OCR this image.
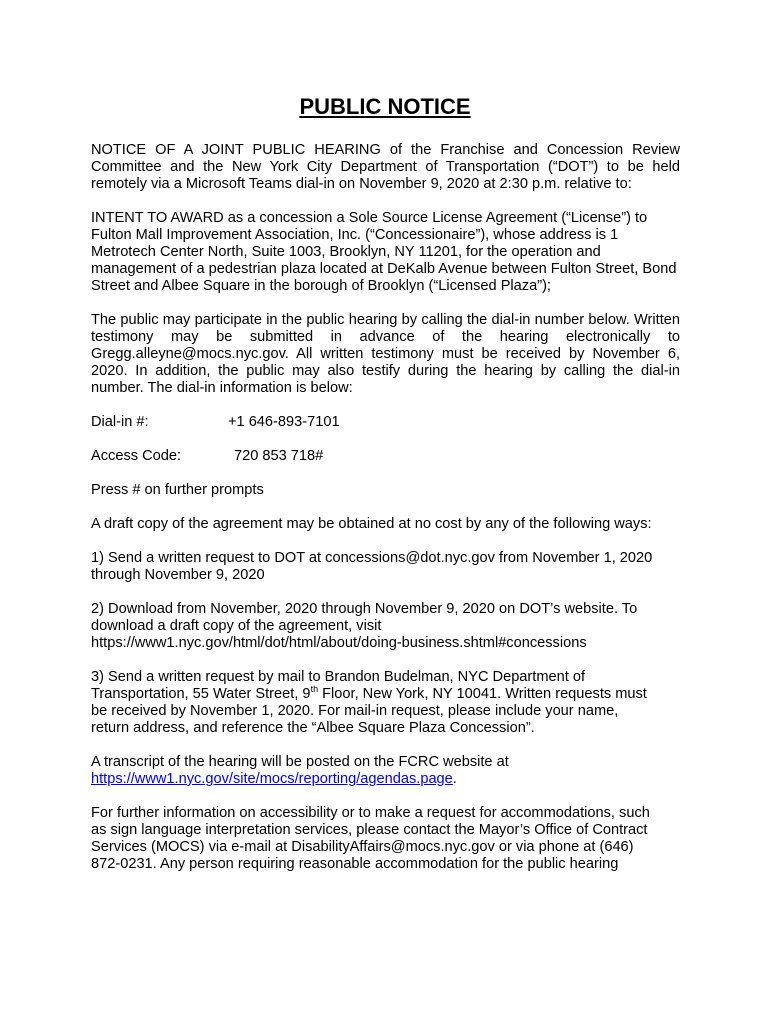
PUBLIC NOTICE

NOTICE OF A JOINT PUBLIC HEARING of the Franchise and Concession Review Committee and the New York City Department of Transportation (“DOT”) to be held remotely via a Microsoft Teams dial-in on November 9, 2020 at 2:30 p.m. relative to:

INTENT TO AWARD as a concession a Sole Source License Agreement (“License”) to Fulton Mall Improvement Association, Inc. (“Concessionaire”), whose address is 1 Metrotech Center North, Suite 1003, Brooklyn, NY 11201, for the operation and management of a pedestrian plaza located at DeKalb Avenue between Fulton Street, Bond Street and Albee Square in the borough of Brooklyn (“Licensed Plaza”);

The public may participate in the public hearing by calling the dial-in number below. Written testimony may be submitted in advance of the hearing electronically to Gregg.alleyne@mocs.nyc.gov. All written testimony must be received by November 6, 2020. In addition, the public may also testify during the hearing by calling the dial-in number. The dial-in information is below:

Dial-in #:	+1 646-893-7101
Access Code:	720 853 718#

Press # on further prompts

A draft copy of the agreement may be obtained at no cost by any of the following ways:

1) Send a written request to DOT at concessions@dot.nyc.gov from November 1, 2020 through November 9, 2020

2) Download from November, 2020 through November 9, 2020 on DOT’s website. To
download a draft copy of the agreement, visit
https://www1.nyc.gov/html/dot/html/about/doing-business.shtml#concessions

3) Send a written request by mail to Brandon Budelman, NYC Department of
Transportation, 55 Water Street, 9th Floor, New York, NY 10041. Written requests must
be received by November 1, 2020. For mail-in request, please include your name,
return address, and reference the “Albee Square Plaza Concession”.

A transcript of the hearing will be posted on the FCRC website at
https://www1.nyc.gov/site/mocs/reporting/agendas.page.

For further information on accessibility or to make a request for accommodations, such
as sign language interpretation services, please contact the Mayor’s Office of Contract
Services (MOCS) via e-mail at DisabilityAffairs@mocs.nyc.gov or via phone at (646)
872-0231. Any person requiring reasonable accommodation for the public hearing
